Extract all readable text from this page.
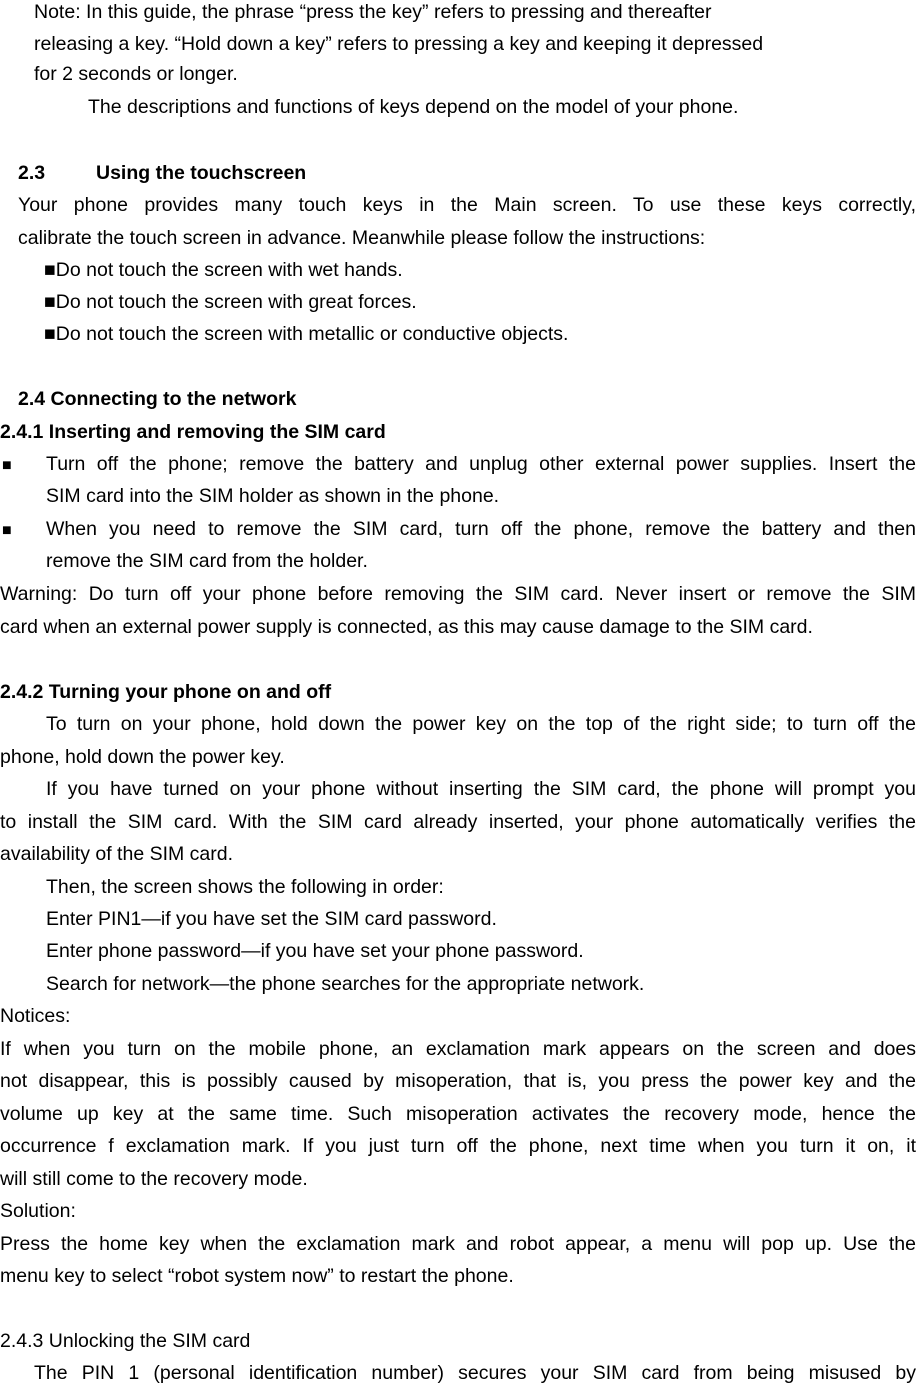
Note: In this guide, the phrase “press the key” refers to pressing and thereafter
releasing a key. “Hold down a key” refers to pressing a key and keeping it depressed
for 2 seconds or longer.
The descriptions and functions of keys depend on the model of your phone.
2.3	Using the touchscreen
Your phone provides many touch keys in the Main screen. To use these keys correctly,
calibrate the touch screen in advance. Meanwhile please follow the instructions:
■Do not touch the screen with wet hands.
■Do not touch the screen with great forces.
■Do not touch the screen with metallic or conductive objects.
2.4 Connecting to the network
2.4.1 Inserting and removing the SIM card
■ Turn off the phone; remove the battery and unplug other external power supplies. Insert the
SIM card into the SIM holder as shown in the phone.
■ When you need to remove the SIM card, turn off the phone, remove the battery and then
remove the SIM card from the holder.
Warning: Do turn off your phone before removing the SIM card. Never insert or remove the SIM
card when an external power supply is connected, as this may cause damage to the SIM card.
2.4.2 Turning your phone on and off
To turn on your phone, hold down the power key on the top of the right side; to turn off the
phone, hold down the power key.
If you have turned on your phone without inserting the SIM card, the phone will prompt you
to install the SIM card. With the SIM card already inserted, your phone automatically verifies the
availability of the SIM card.
Then, the screen shows the following in order:
Enter PIN1—if you have set the SIM card password.
Enter phone password—if you have set your phone password.
Search for network—the phone searches for the appropriate network.
Notices:
If when you turn on the mobile phone, an exclamation mark appears on the screen and does
not disappear, this is possibly caused by misoperation, that is, you press the power key and the
volume up key at the same time. Such misoperation activates the recovery mode, hence the
occurrence f exclamation mark. If you just turn off the phone, next time when you turn it on, it
will still come to the recovery mode.
Solution:
Press the home key when the exclamation mark and robot appear, a menu will pop up. Use the
menu key to select “robot system now” to restart the phone.
2.4.3 Unlocking the SIM card
The PIN 1 (personal identification number) secures your SIM card from being misused by
